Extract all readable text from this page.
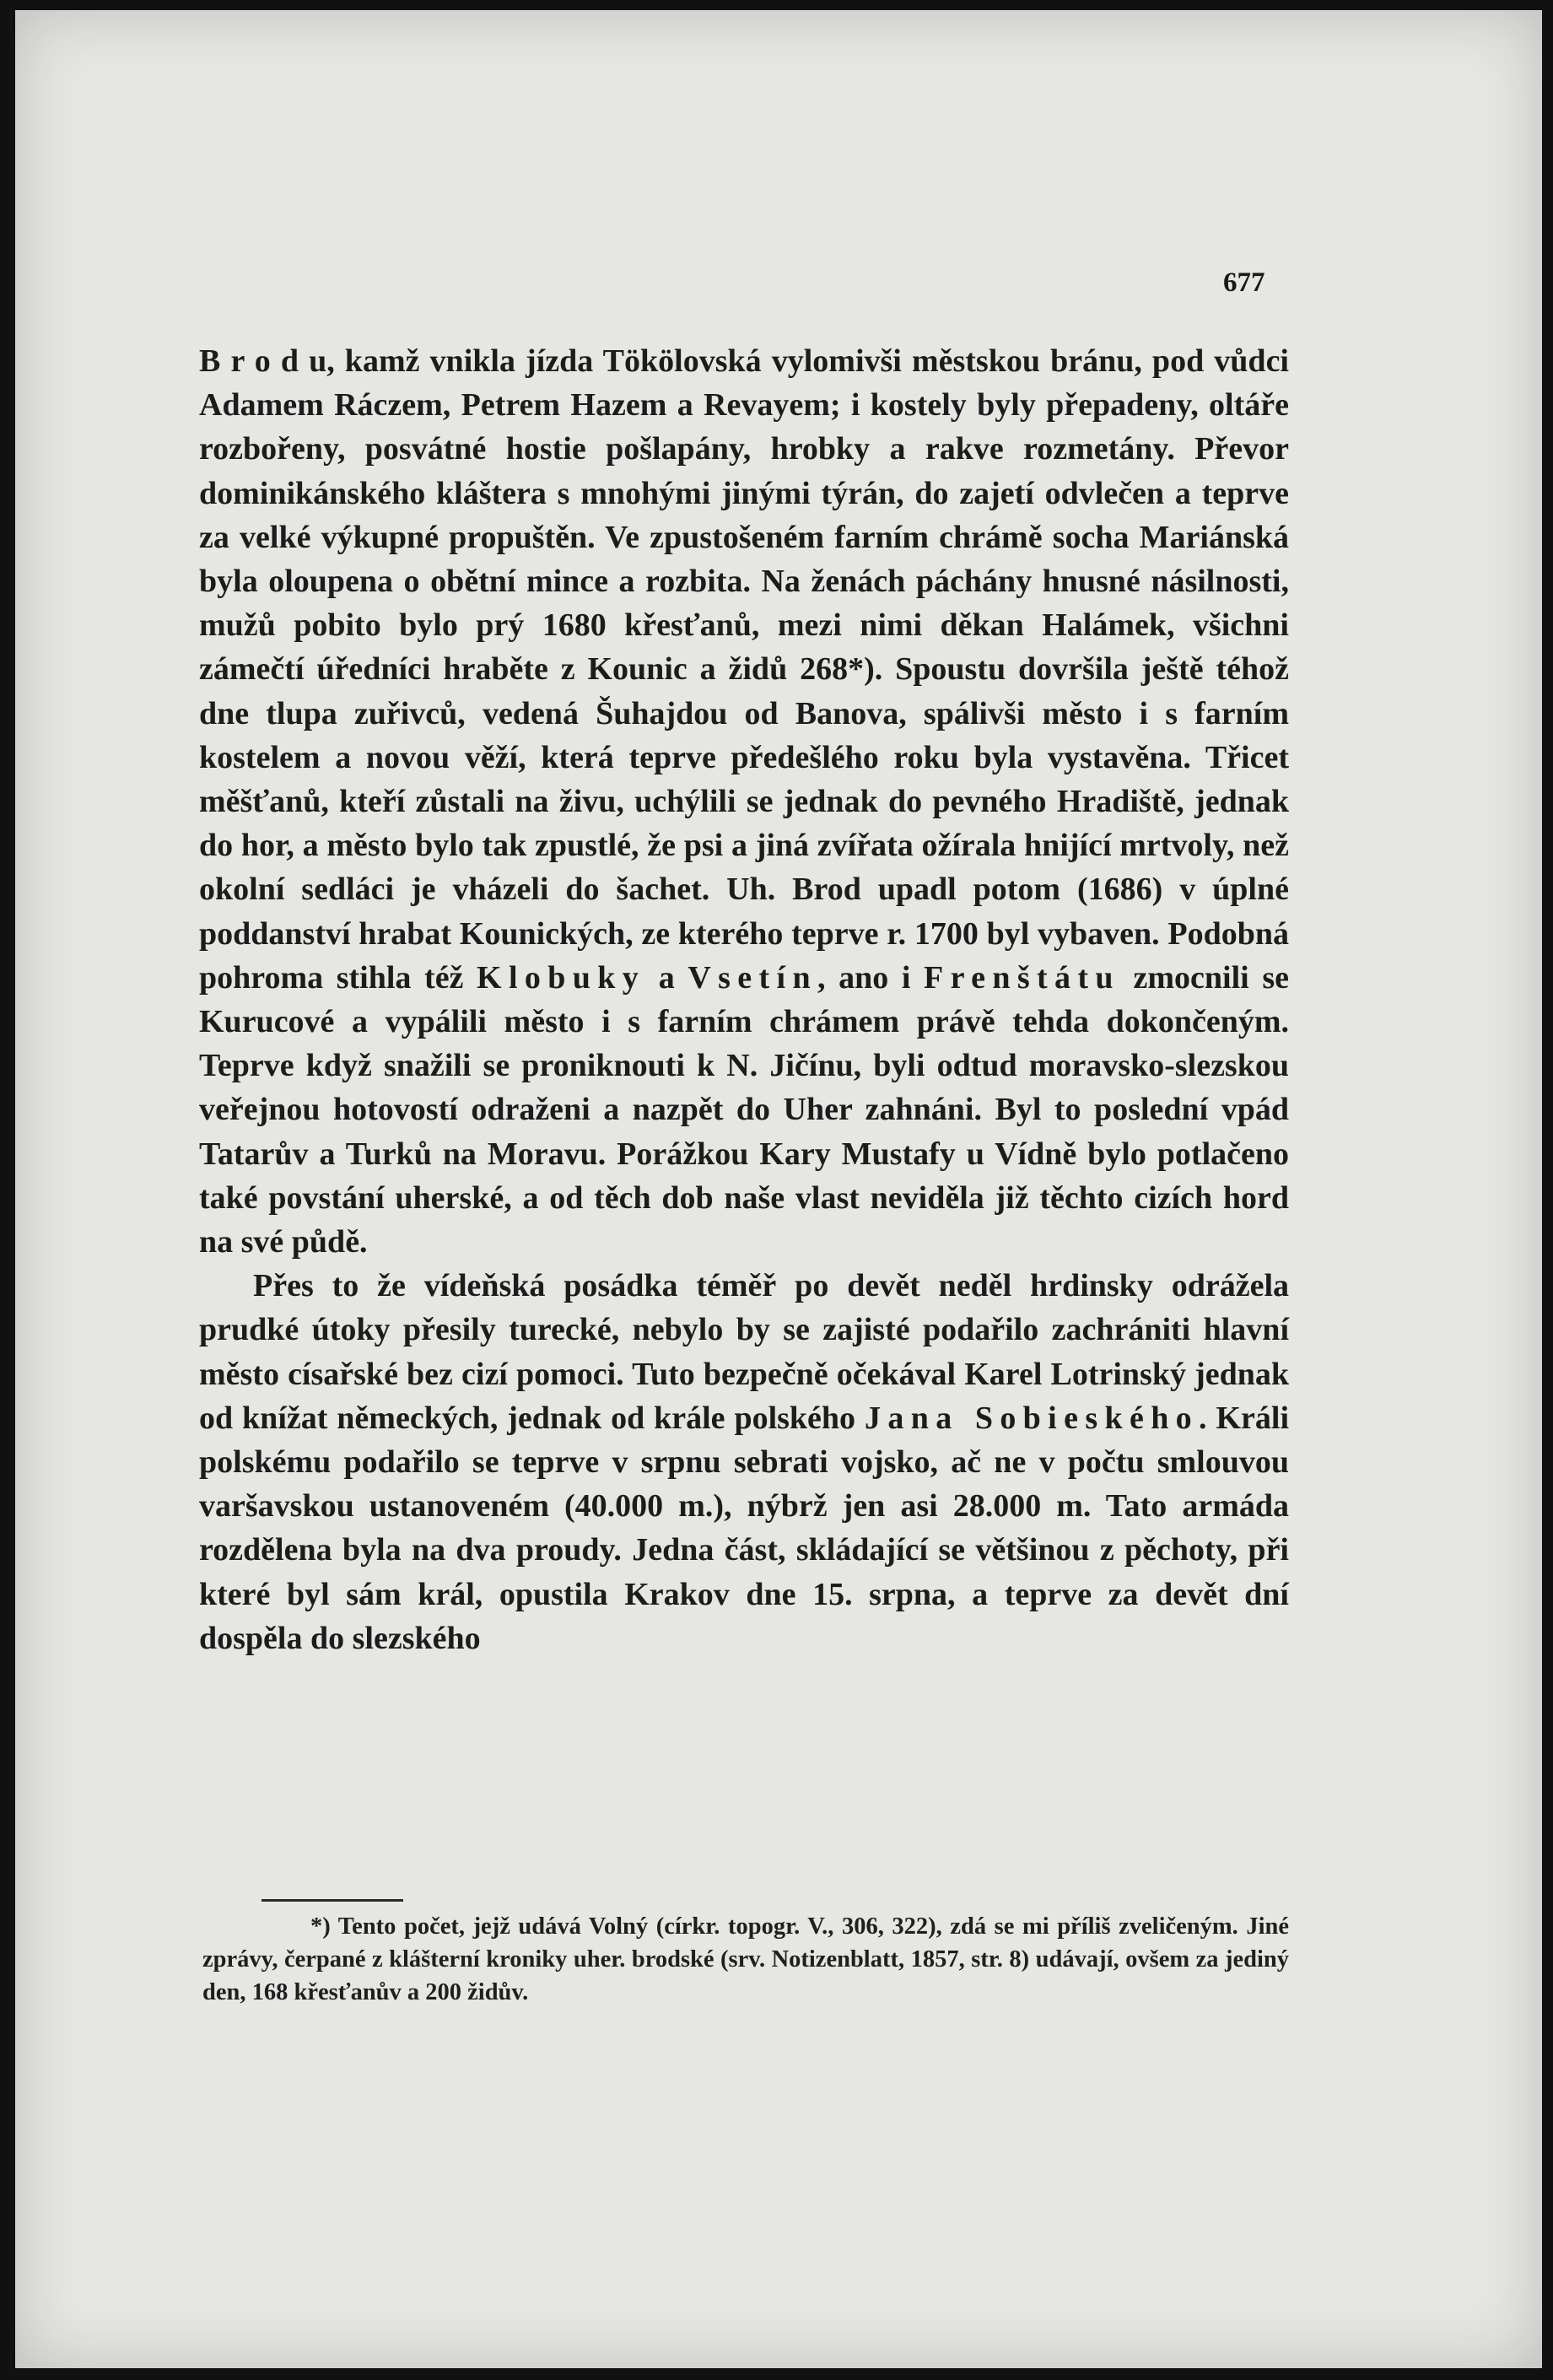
677

B r o d u, kamž vnikla jízda Tökölovská vylomivši městskou bránu, pod vůdci Adamem Ráczem, Petrem Hazem a Revayem; i kostely byly přepadeny, oltáře rozbořeny, posvátné hostie pošlapány, hrobky a rakve rozmetány. Převor dominikánského kláštera s mnohými jinými týrán, do zajetí odvlečen a teprve za velké výkupné propuštěn. Ve zpustošeném farním chrámě socha Mariánská byla oloupena o obětní mince a rozbita. Na ženách páchány hnusné násilnosti, mužů pobito bylo prý 1680 křesťanů, mezi nimi děkan Halámek, všichni zámečtí úředníci hraběte z Kounic a židů 268*). Spoustu dovršila ještě téhož dne tlupa zuřivců, vedená Šuhajdou od Banova, spálivši město i s farním kostelem a novou věží, která teprve předešlého roku byla vystavěna. Třicet měšťanů, kteří zůstali na živu, uchýlili se jednak do pevného Hradiště, jednak do hor, a město bylo tak zpustlé, že psi a jiná zvířata ožírala hnijící mrtvoly, než okolní sedláci je vházeli do šachet. Uh. Brod upadl potom (1686) v úplné poddanství hrabat Kounických, ze kterého teprve r. 1700 byl vybaven. Podobná pohroma stihla též Klobuky a Vsetín, ano i Frenštátu zmocnili se Kurucové a vypálili město i s farním chrámem právě tehda dokončeným. Teprve když snažili se proniknouti k N. Jičínu, byli odtud moravsko-slezskou veřejnou hotovostí odraženi a nazpět do Uher zahnáni. Byl to poslední vpád Tatarův a Turků na Moravu. Porážkou Kary Mustafy u Vídně bylo potlačeno také povstání uherské, a od těch dob naše vlast neviděla již těchto cizích hord na své půdě.

Přes to že vídeňská posádka téměř po devět neděl hrdinsky odrážela prudké útoky přesily turecké, nebylo by se zajisté podařilo zachrániti hlavní město císařské bez cizí pomoci. Tuto bezpečně očekával Karel Lotrinský jednak od knížat německých, jednak od krále polského Jana Sobieského. Králi polskému podařilo se teprve v srpnu sebrati vojsko, ač ne v počtu smlouvou varšavskou ustanoveném (40.000 m.), nýbrž jen asi 28.000 m. Tato armáda rozdělena byla na dva proudy. Jedna část, skládající se většinou z pěchoty, při které byl sám král, opustila Krakov dne 15. srpna, a teprve za devět dní dospěla do slezského

*) Tento počet, jejž udává Volný (církr. topogr. V., 306, 322), zdá se mi příliš zveličeným. Jiné zprávy, čerpané z klášterní kroniky uher. brodské (srv. Notizenblatt, 1857, str. 8) udávají, ovšem za jediný den, 168 křesťanův a 200 židův.
